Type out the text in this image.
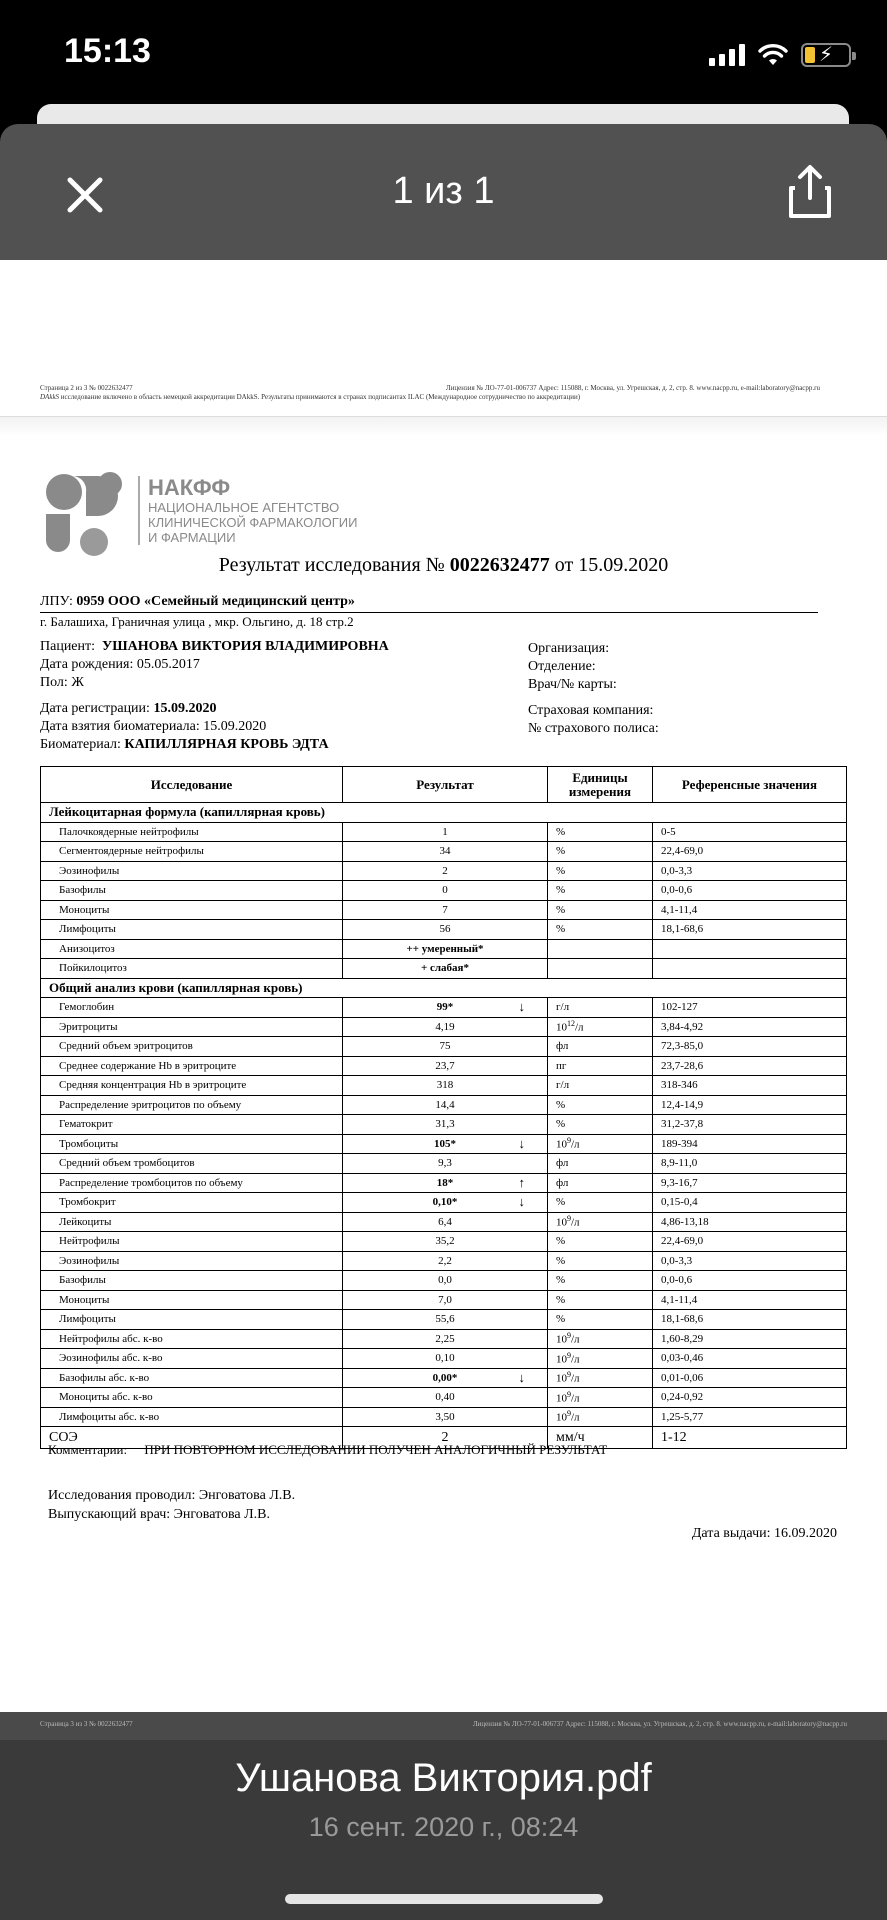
15:13	⚡
1 из 1
Страница 2 из 3 № 0022632477	Лицензия № ЛО-77-01-006737 Адрес: 115088, г. Москва, ул. Угрешская, д. 2, стр. 8. www.nacpp.ru, e-mail:laboratory@nacpp.ru
DAkkS исследование включено в область немецкой аккредитации DAkkS. Результаты принимаются в странах подписантах ILAC (Международное сотрудничество по аккредитации)
НАКФФ
НАЦИОНАЛЬНОЕ АГЕНТСТВО
КЛИНИЧЕСКОЙ ФАРМАКОЛОГИИ
И ФАРМАЦИИ
Результат исследования № 0022632477 от 15.09.2020
ЛПУ: 0959 ООО «Семейный медицинский центр»
г. Балашиха, Граничная улица , мкр. Ольгино, д. 18 стр.2
Пациент: УШАНОВА ВИКТОРИЯ ВЛАДИМИРОВНА
Дата рождения: 05.05.2017
Пол: Ж
Дата регистрации: 15.09.2020
Дата взятия биоматериала: 15.09.2020
Биоматериал: КАПИЛЛЯРНАЯ КРОВЬ ЭДТА
Организация:
Отделение:
Врач/№ карты:
Страховая компания:
№ страхового полиса:
Исследование	Результат	Единицы
измерения	Референсные значения
Лейкоцитарная формула (капиллярная кровь)			
Палочкоядерные нейтрофилы	1	%	0-5
Сегментоядерные нейтрофилы	34	%	22,4-69,0
Эозинофилы	2	%	0,0-3,3
Базофилы	0	%	0,0-0,6
Моноциты	7	%	4,1-11,4
Лимфоциты	56	%	18,1-68,6
Анизоцитоз	++ умеренный*		
Пойкилоцитоз	+ слабая*		
Общий анализ крови (капиллярная кровь)			
Гемоглобин	99* ↓	г/л	102-127
Эритроциты	4,19	$10^{12}/л$	3,84-4,92
Средний объем эритроцитов	75	фл	72,3-85,0
Среднее содержание Hb в эритроците	23,7	пг	23,7-28,6
Средняя концентрация Hb в эритроците	318	г/л	318-346
Распределение эритроцитов по объему	14,4	%	12,4-14,9
Гематокрит	31,3	%	31,2-37,8
Тромбоциты	105* ↓	$10^9/л$	189-394
Средний объем тромбоцитов	9,3	фл	8,9-11,0
Распределение тромбоцитов по объему	18* ↑	фл	9,3-16,7
Тромбокрит	0,10* ↓	%	0,15-0,4
Лейкоциты	6,4	$10^9/л$	4,86-13,18
Нейтрофилы	35,2	%	22,4-69,0
Эозинофилы	2,2	%	0,0-3,3
Базофилы	0,0	%	0,0-0,6
Моноциты	7,0	%	4,1-11,4
Лимфоциты	55,6	%	18,1-68,6
Нейтрофилы абс. к-во	2,25	$10^9/л$	1,60-8,29
Эозинофилы абс. к-во	0,10	$10^9/л$	0,03-0,46
Базофилы абс. к-во	0,00* ↓	$10^9/л$	0,01-0,06
Моноциты абс. к-во	0,40	$10^9/л$	0,24-0,92
Лимфоциты абс. к-во	3,50	$10^9/л$	1,25-5,77
СОЭ	2	мм/ч	1-12
Комментарии: ПРИ ПОВТОРНОМ ИССЛЕДОВАНИИ ПОЛУЧЕН АНАЛОГИЧНЫЙ РЕЗУЛЬТАТ
Исследования проводил: Энговатова Л.В.
Выпускающий врач: Энговатова Л.В.
Дата выдачи: 16.09.2020
Страница 3 из 3 № 0022632477	Лицензия № ЛО-77-01-006737 Адрес: 115088, г. Москва, ул. Угрешская, д. 2, стр. 8. www.nacpp.ru, e-mail:laboratory@nacpp.ru
Ушанова Виктория.pdf
16 сент. 2020 г., 08:24
